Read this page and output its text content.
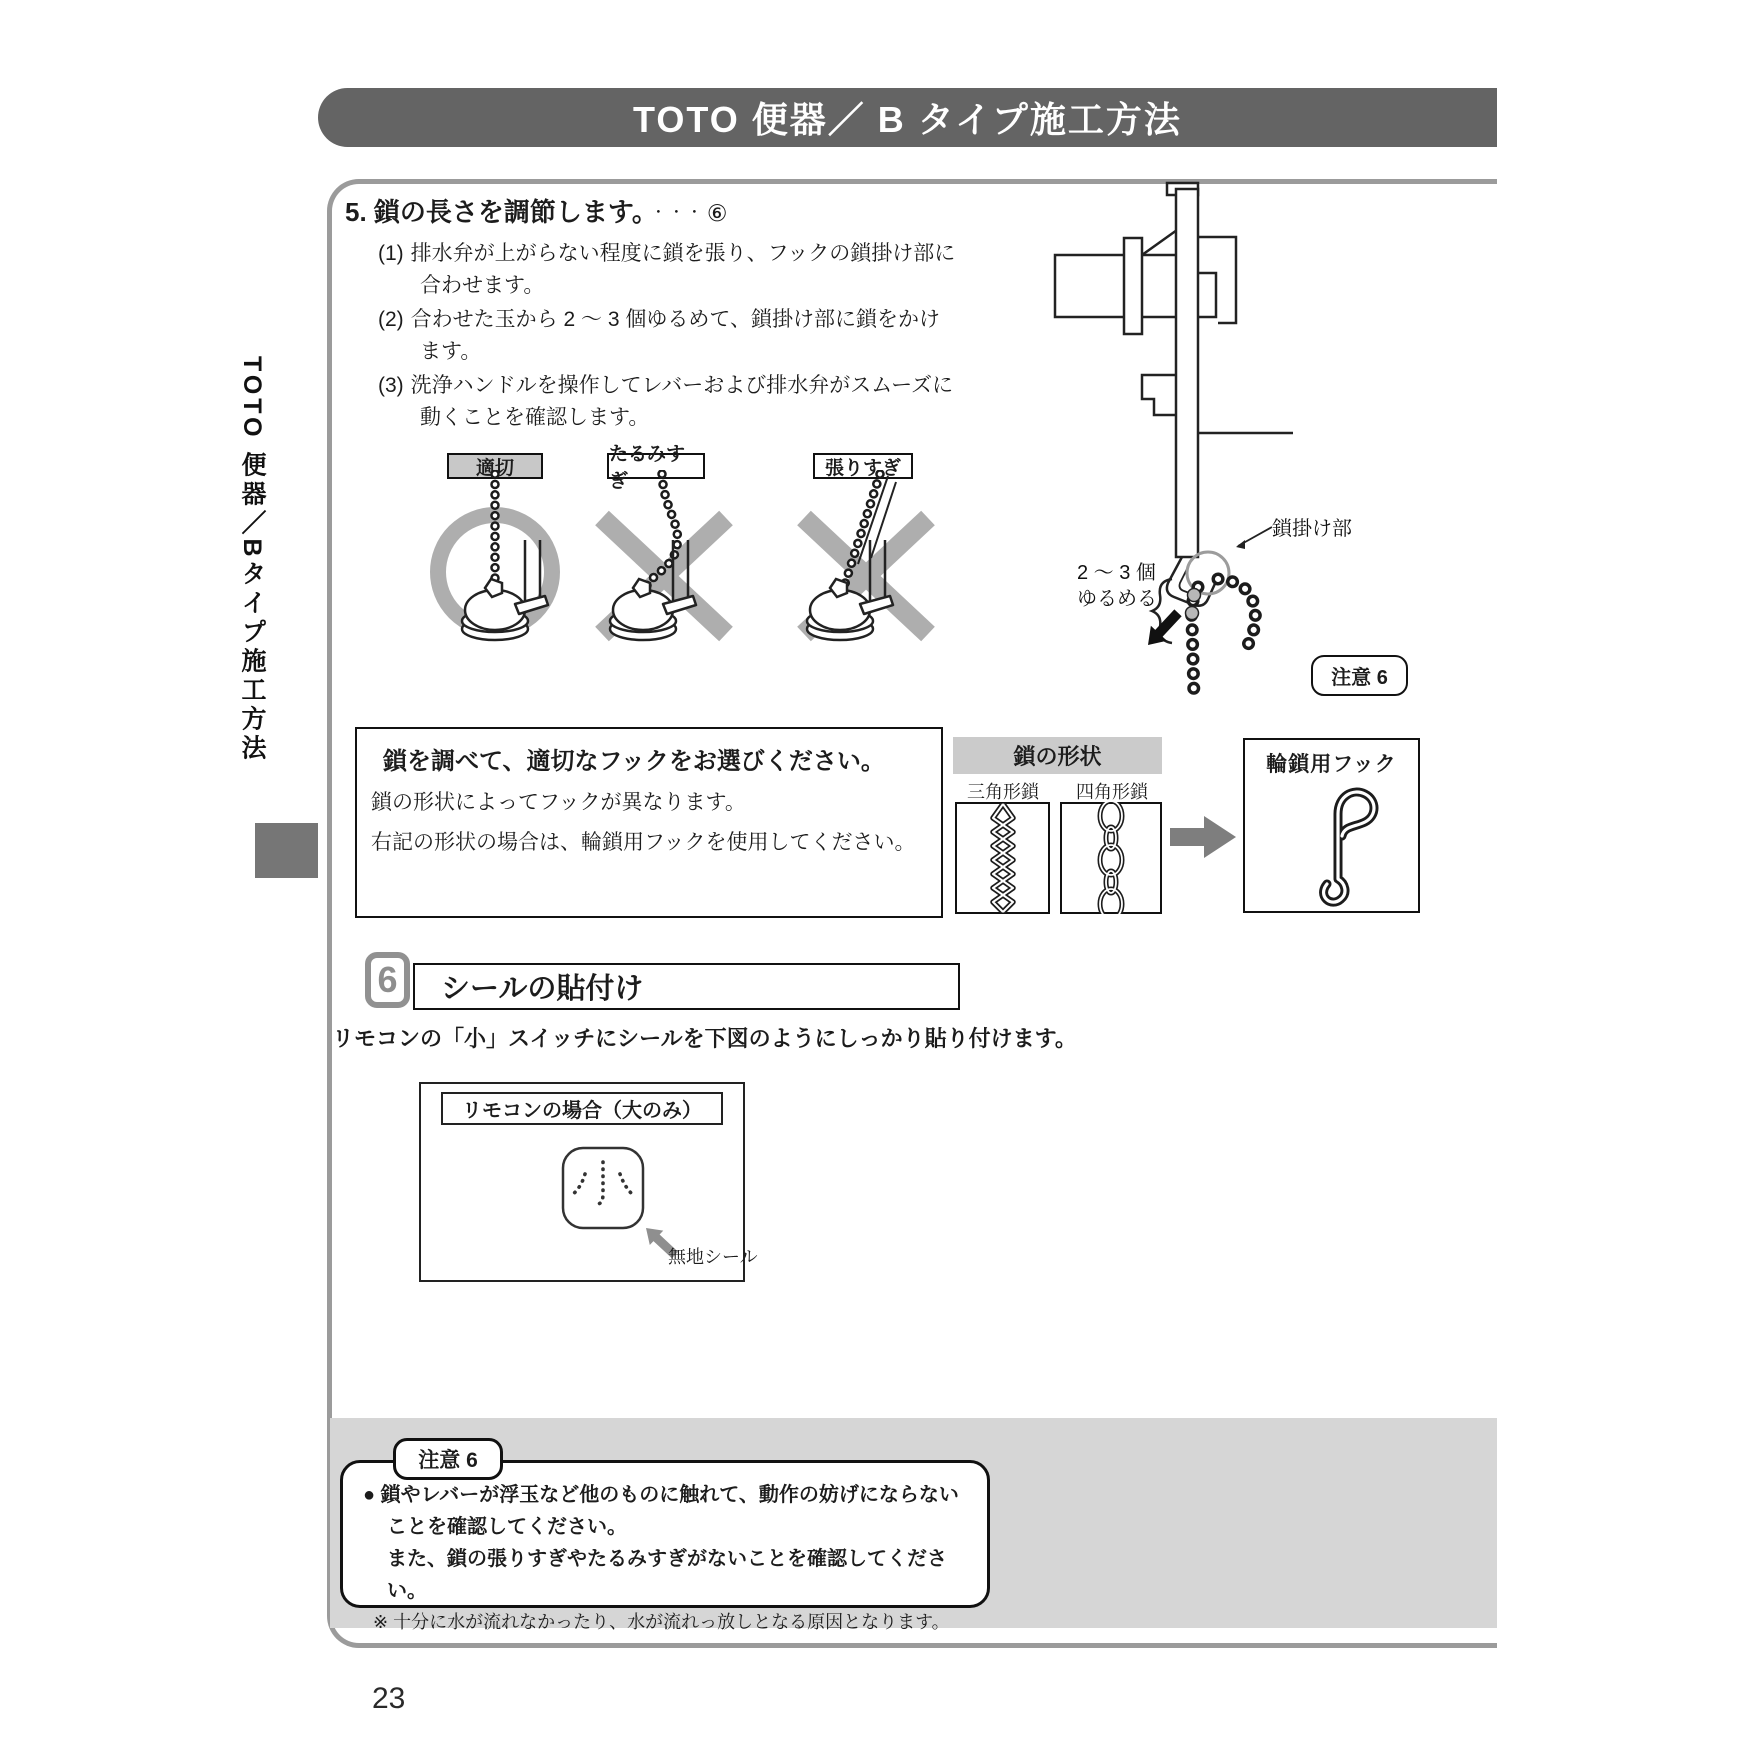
TOTO 便器／ B タイプ施工方法
TOTO 便器／Bタイプ施工方法
5. 鎖の長さを調節します。 ・・・⑥
(1) 排水弁が上がらない程度に鎖を張り、フックの鎖掛け部に
合わせます。
(2) 合わせた玉から 2 ～ 3 個ゆるめて、鎖掛け部に鎖をかけ
ます。
(3) 洗浄ハンドルを操作してレバーおよび排水弁がスムーズに
動くことを確認します。
適切
たるみすぎ
張りすぎ
鎖掛け部
2 ～ 3 個
ゆるめる
注意 6
鎖を調べて、適切なフックをお選びください。
鎖の形状によってフックが異なります。
右記の形状の場合は、輪鎖用フックを使用してください。
鎖の形状
三角形鎖	四角形鎖
輪鎖用フック
6	シールの貼付け
リモコンの「小」スイッチにシールを下図のようにしっかり貼り付けます。
リモコンの場合（大のみ）
無地シール
注意 6
● 鎖やレバーが浮玉など他のものに触れて、動作の妨げにならない
ことを確認してください。
また、鎖の張りすぎやたるみすぎがないことを確認してください。
※ 十分に水が流れなかったり、水が流れっ放しとなる原因となります。
23
